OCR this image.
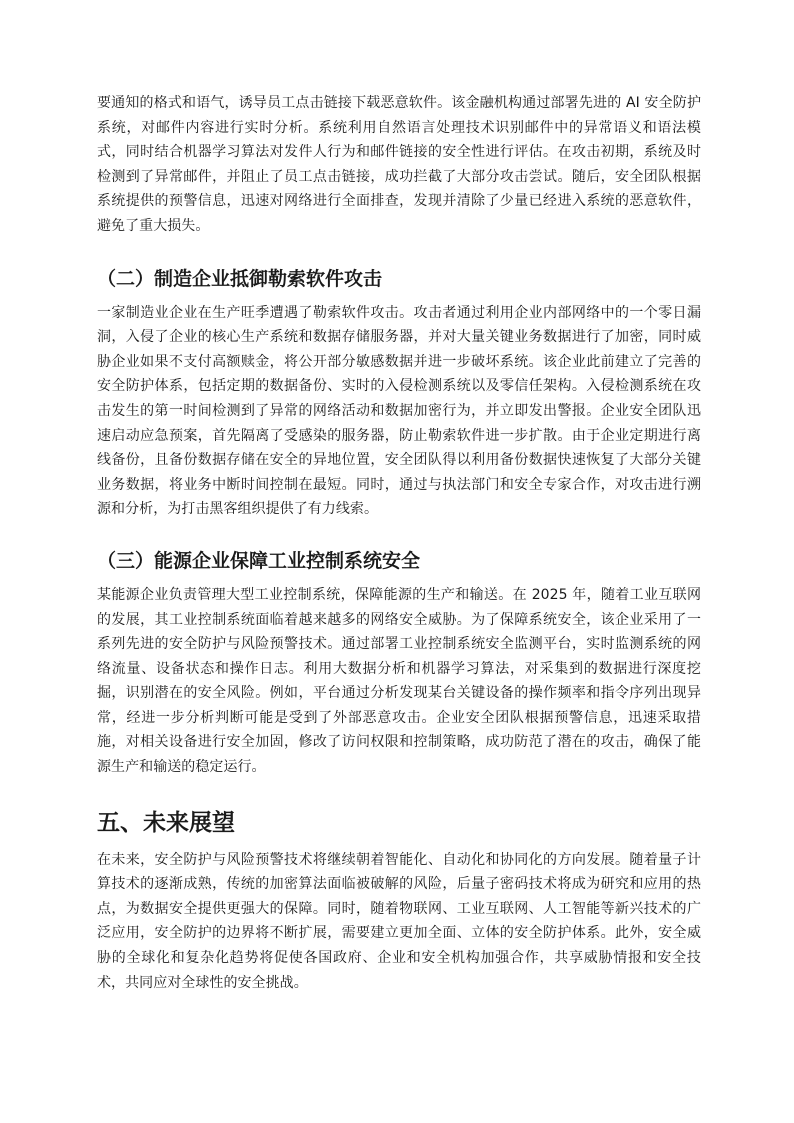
要通知的格式和语气，诱导员工点击链接下载恶意软件。该金融机构通过部署先进的 AI 安全防护系统，对邮件内容进行实时分析。系统利用自然语言处理技术识别邮件中的异常语义和语法模式，同时结合机器学习算法对发件人行为和邮件链接的安全性进行评估。在攻击初期，系统及时检测到了异常邮件，并阻止了员工点击链接，成功拦截了大部分攻击尝试。随后，安全团队根据系统提供的预警信息，迅速对网络进行全面排查，发现并清除了少量已经进入系统的恶意软件，避免了重大损失。

（二）制造企业抵御勒索软件攻击

一家制造业企业在生产旺季遭遇了勒索软件攻击。攻击者通过利用企业内部网络中的一个零日漏洞，入侵了企业的核心生产系统和数据存储服务器，并对大量关键业务数据进行了加密，同时威胁企业如果不支付高额赎金，将公开部分敏感数据并进一步破坏系统。该企业此前建立了完善的安全防护体系，包括定期的数据备份、实时的入侵检测系统以及零信任架构。入侵检测系统在攻击发生的第一时间检测到了异常的网络活动和数据加密行为，并立即发出警报。企业安全团队迅速启动应急预案，首先隔离了受感染的服务器，防止勒索软件进一步扩散。由于企业定期进行离线备份，且备份数据存储在安全的异地位置，安全团队得以利用备份数据快速恢复了大部分关键业务数据，将业务中断时间控制在最短。同时，通过与执法部门和安全专家合作，对攻击进行溯源和分析，为打击黑客组织提供了有力线索。

（三）能源企业保障工业控制系统安全

某能源企业负责管理大型工业控制系统，保障能源的生产和输送。在 2025 年，随着工业互联网的发展，其工业控制系统面临着越来越多的网络安全威胁。为了保障系统安全，该企业采用了一系列先进的安全防护与风险预警技术。通过部署工业控制系统安全监测平台，实时监测系统的网络流量、设备状态和操作日志。利用大数据分析和机器学习算法，对采集到的数据进行深度挖掘，识别潜在的安全风险。例如，平台通过分析发现某台关键设备的操作频率和指令序列出现异常，经进一步分析判断可能是受到了外部恶意攻击。企业安全团队根据预警信息，迅速采取措施，对相关设备进行安全加固，修改了访问权限和控制策略，成功防范了潜在的攻击，确保了能源生产和输送的稳定运行。

五、未来展望

在未来，安全防护与风险预警技术将继续朝着智能化、自动化和协同化的方向发展。随着量子计算技术的逐渐成熟，传统的加密算法面临被破解的风险，后量子密码技术将成为研究和应用的热点，为数据安全提供更强大的保障。同时，随着物联网、工业互联网、人工智能等新兴技术的广泛应用，安全防护的边界将不断扩展，需要建立更加全面、立体的安全防护体系。此外，安全威胁的全球化和复杂化趋势将促使各国政府、企业和安全机构加强合作，共享威胁情报和安全技术，共同应对全球性的安全挑战。
